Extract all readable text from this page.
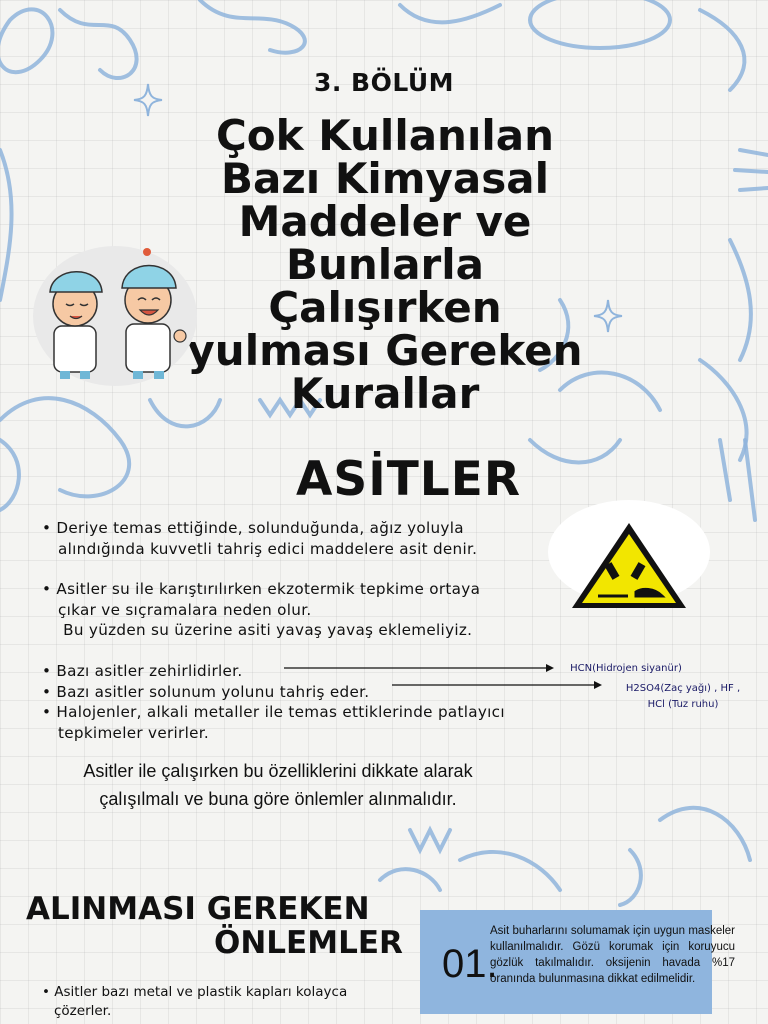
3. BÖLÜM
Çok Kullanılan
Bazı Kimyasal
Maddeler ve
Bunlarla
Çalışırken
yulması Gereken
Kurallar
ASİTLER
• Deriye temas ettiğinde, solunduğunda, ağız yoluyla
alındığında kuvvetli tahriş edici maddelere asit denir.
• Asitler su ile karıştırılırken ekzotermik tepkime ortaya
çıkar ve sıçramalara neden olur.
Bu yüzden su üzerine asiti yavaş yavaş eklemeliyiz.
• Bazı asitler zehirlidirler.
• Bazı asitler solunum yolunu tahriş eder.
• Halojenler, alkali metaller ile temas ettiklerinde patlayıcı
tepkimeler verirler.
HCN(Hidrojen siyanür)
H2SO4(Zaç yağı) , HF ,
HCl (Tuz ruhu)
Asitler ile çalışırken bu özelliklerini dikkate alarak
çalışılmalı ve buna göre önlemler alınmalıdır.
ALINMASI GEREKEN
ÖNLEMLER 01.
Asit buharlarını solumamak için uygun maskeler kullanılmalıdır. Gözü korumak için koruyucu gözlük takılmalıdır. oksijenin havada %17 oranında bulunmasına dikkat edilmelidir.
• Asitler bazı metal ve plastik kapları kolayca
çözerler.
